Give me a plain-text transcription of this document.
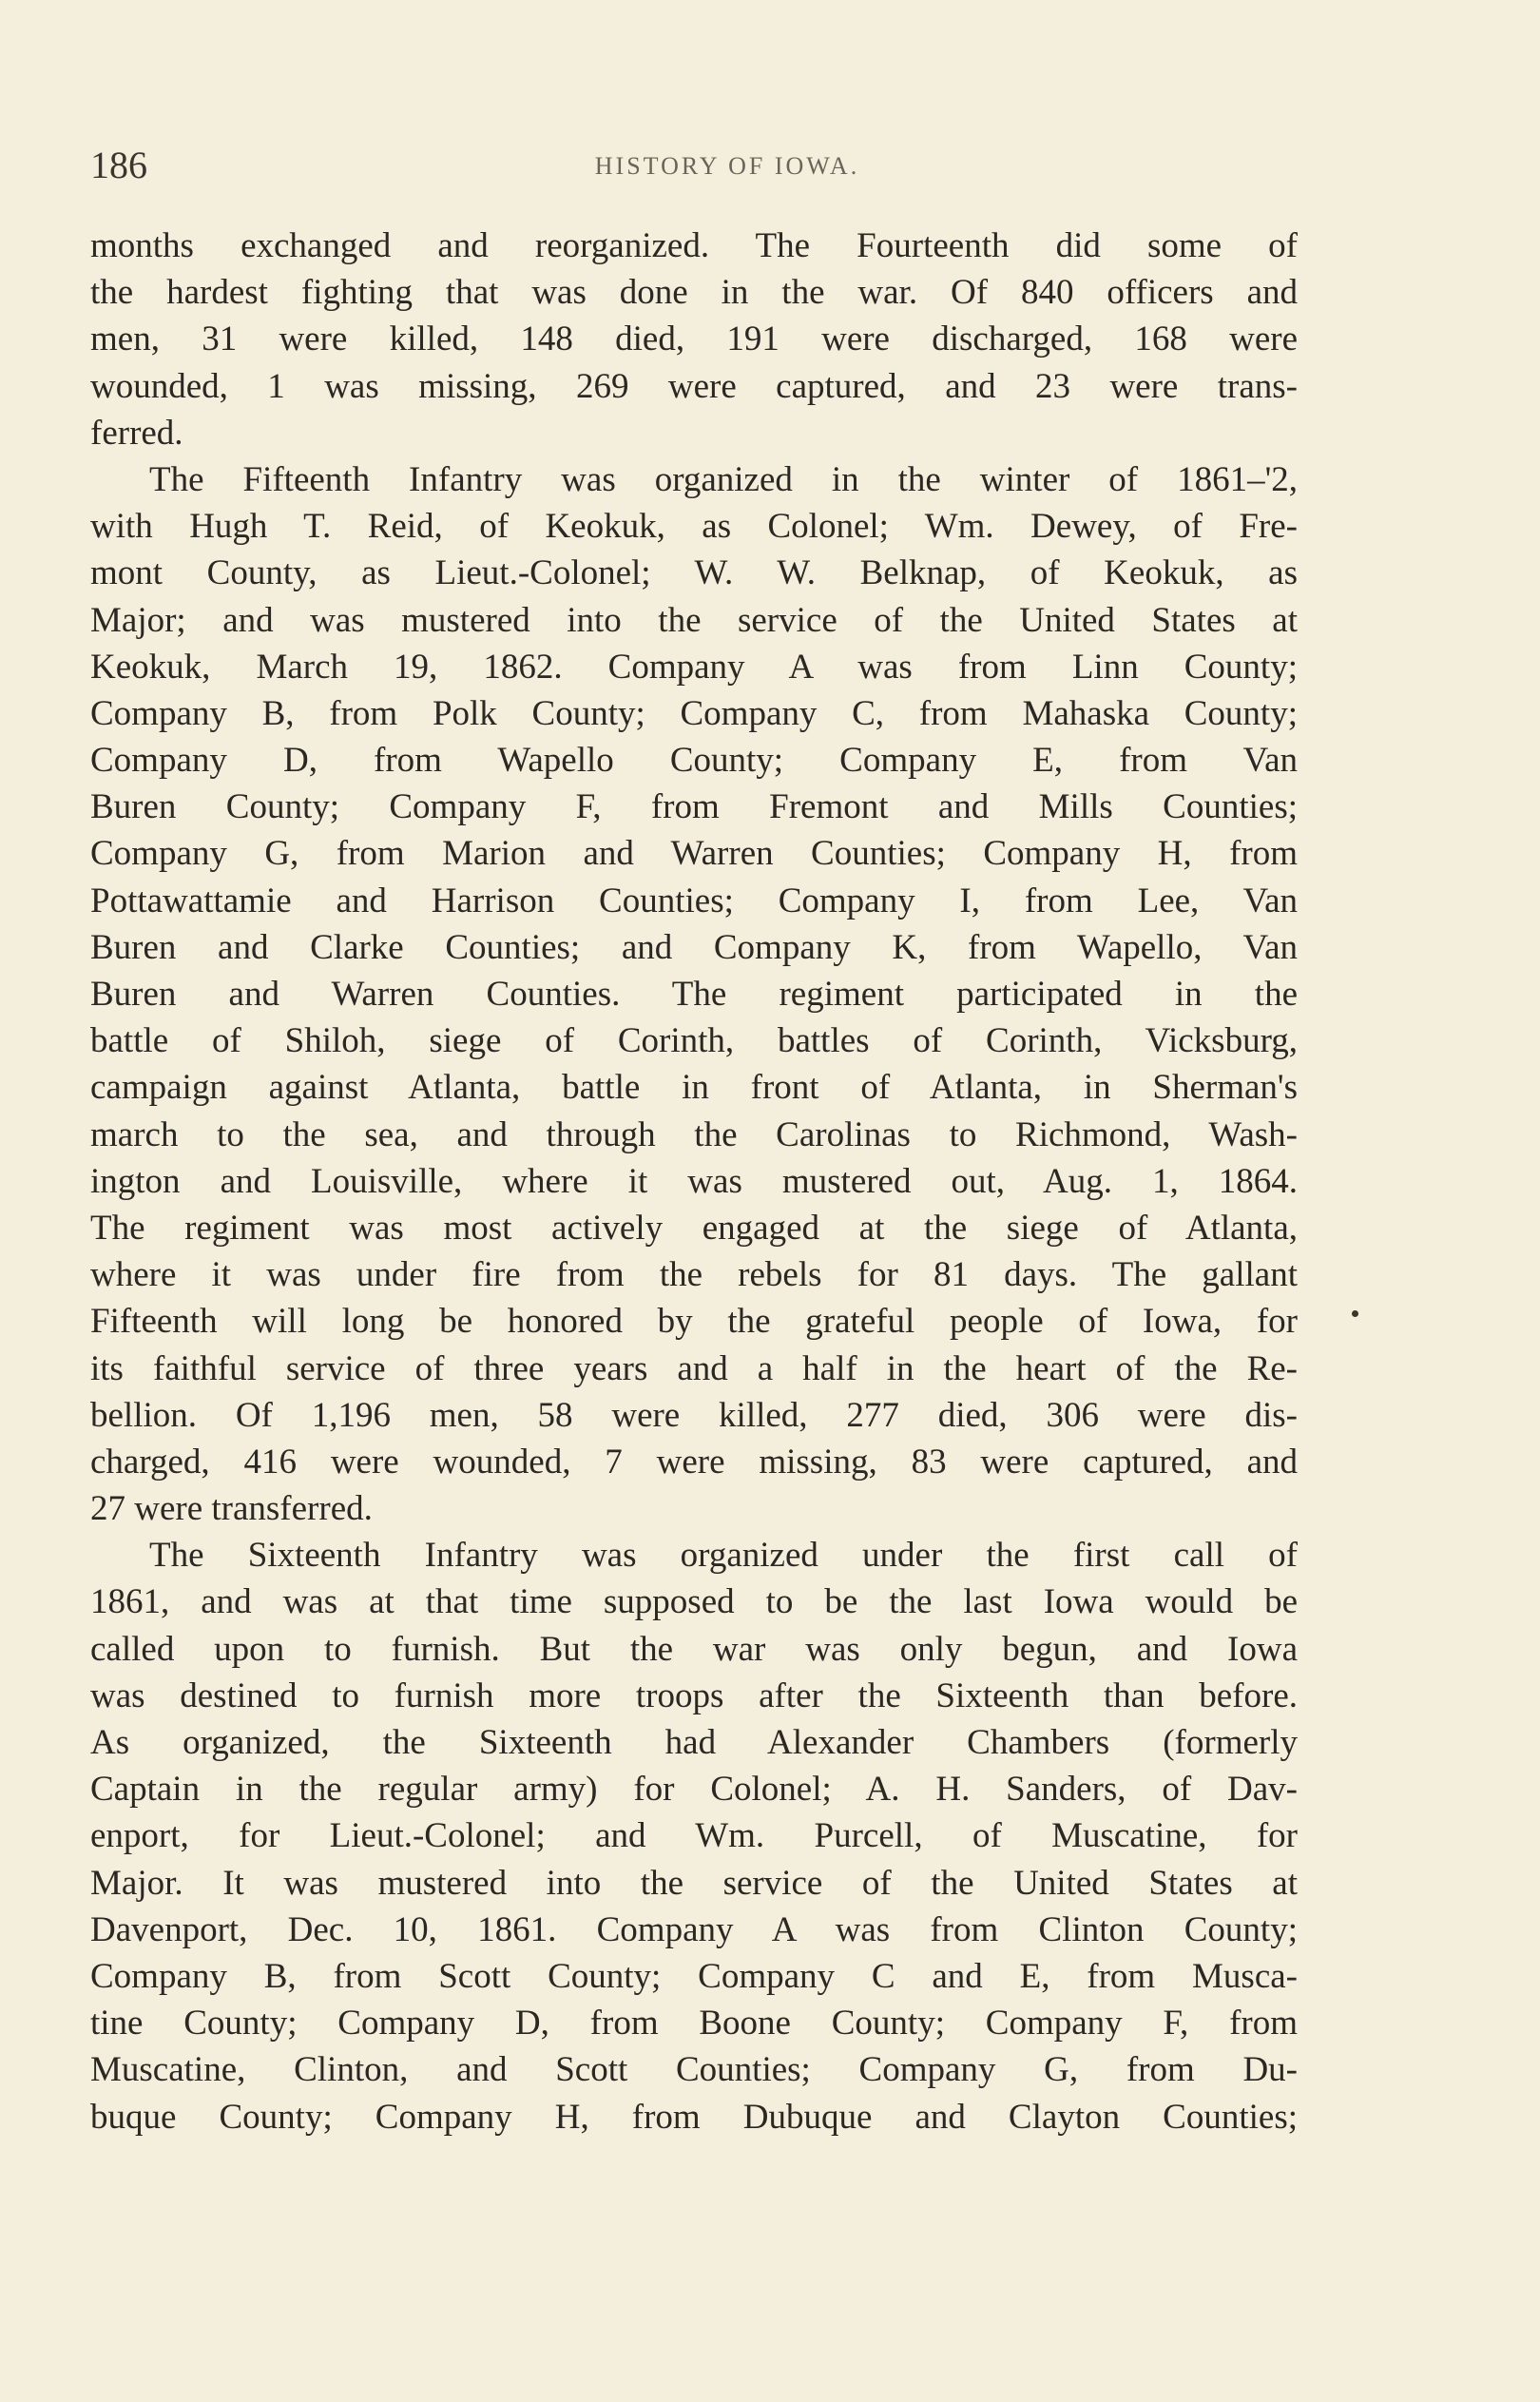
186	HISTORY OF IOWA.
months exchanged and reorganized. The Fourteenth did some of
the hardest fighting that was done in the war. Of 840 officers and
men, 31 were killed, 148 died, 191 were discharged, 168 were
wounded, 1 was missing, 269 were captured, and 23 were trans-
ferred.
The Fifteenth Infantry was organized in the winter of 1861–'2,
with Hugh T. Reid, of Keokuk, as Colonel; Wm. Dewey, of Fre-
mont County, as Lieut.-Colonel; W. W. Belknap, of Keokuk, as
Major; and was mustered into the service of the United States at
Keokuk, March 19, 1862. Company A was from Linn County;
Company B, from Polk County; Company C, from Mahaska County;
Company D, from Wapello County; Company E, from Van
Buren County; Company F, from Fremont and Mills Counties;
Company G, from Marion and Warren Counties; Company H, from
Pottawattamie and Harrison Counties; Company I, from Lee, Van
Buren and Clarke Counties; and Company K, from Wapello, Van
Buren and Warren Counties. The regiment participated in the
battle of Shiloh, siege of Corinth, battles of Corinth, Vicksburg,
campaign against Atlanta, battle in front of Atlanta, in Sherman's
march to the sea, and through the Carolinas to Richmond, Wash-
ington and Louisville, where it was mustered out, Aug. 1, 1864.
The regiment was most actively engaged at the siege of Atlanta,
where it was under fire from the rebels for 81 days. The gallant
Fifteenth will long be honored by the grateful people of Iowa, for
its faithful service of three years and a half in the heart of the Re-
bellion. Of 1,196 men, 58 were killed, 277 died, 306 were dis-
charged, 416 were wounded, 7 were missing, 83 were captured, and
27 were transferred.
The Sixteenth Infantry was organized under the first call of
1861, and was at that time supposed to be the last Iowa would be
called upon to furnish. But the war was only begun, and Iowa
was destined to furnish more troops after the Sixteenth than before.
As organized, the Sixteenth had Alexander Chambers (formerly
Captain in the regular army) for Colonel; A. H. Sanders, of Dav-
enport, for Lieut.-Colonel; and Wm. Purcell, of Muscatine, for
Major. It was mustered into the service of the United States at
Davenport, Dec. 10, 1861. Company A was from Clinton County;
Company B, from Scott County; Company C and E, from Musca-
tine County; Company D, from Boone County; Company F, from
Muscatine, Clinton, and Scott Counties; Company G, from Du-
buque County; Company H, from Dubuque and Clayton Counties;
